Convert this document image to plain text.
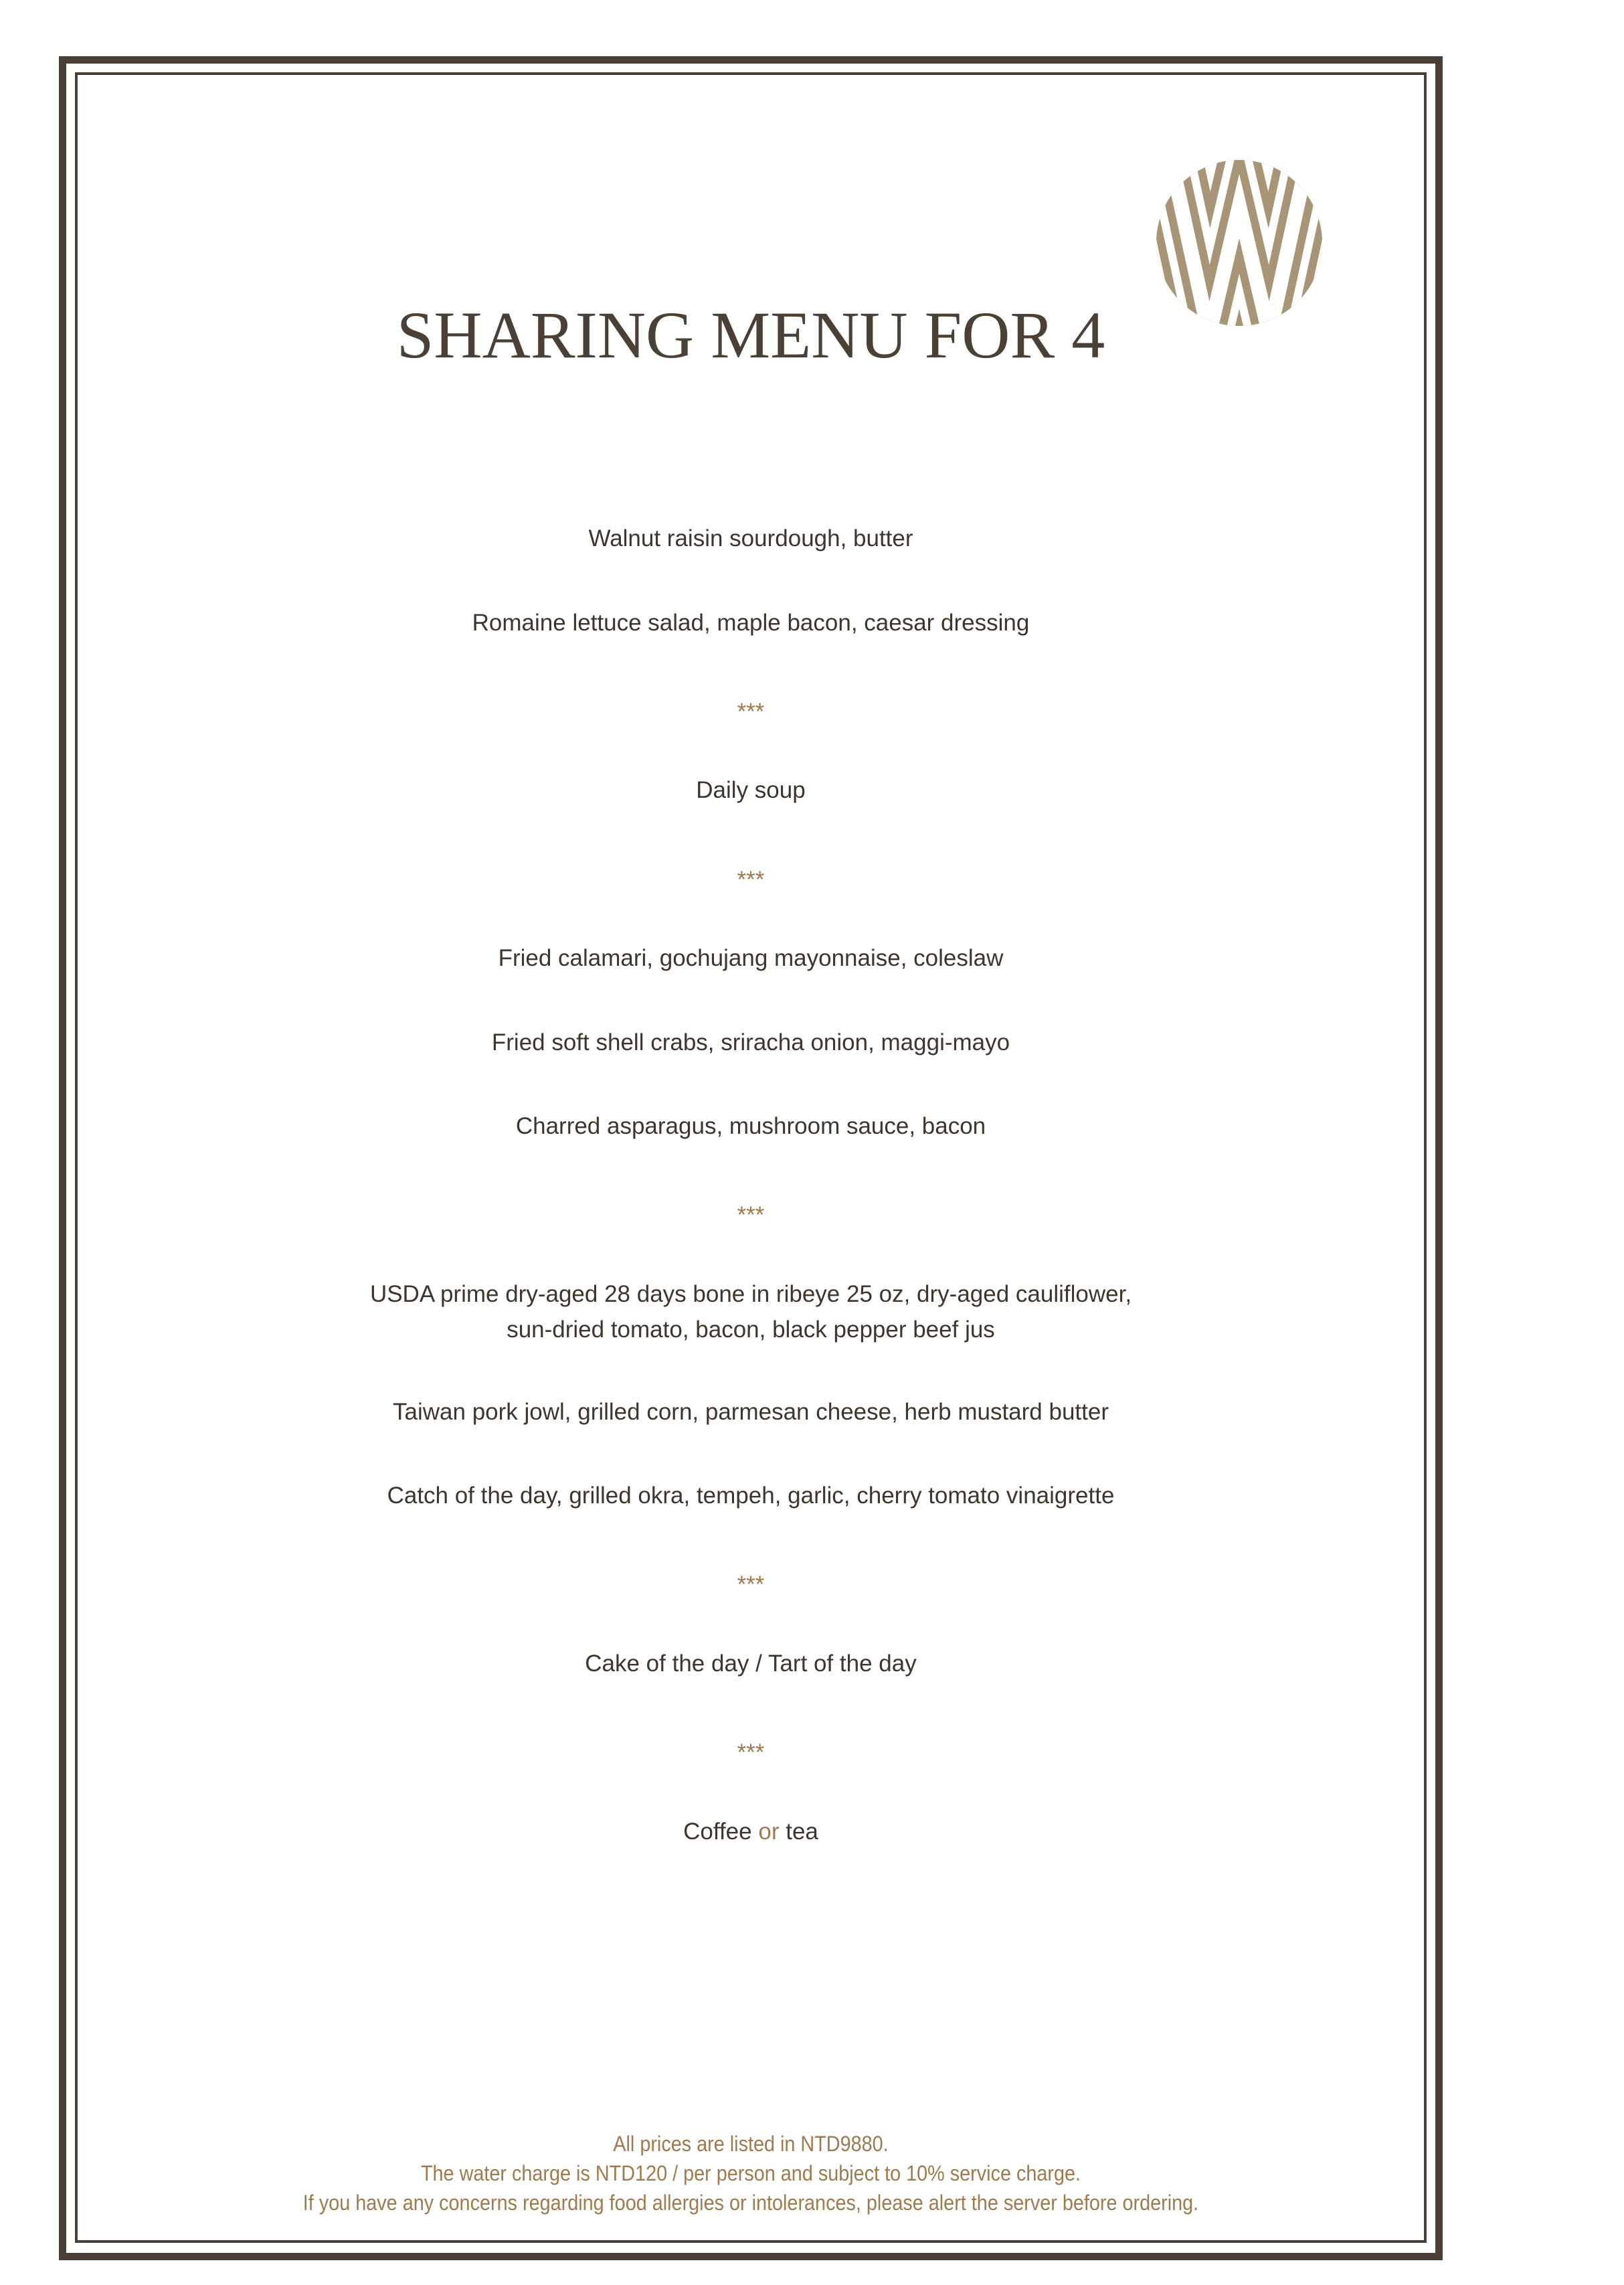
SHARING MENU FOR 4
Walnut raisin sourdough, butter
Romaine lettuce salad, maple bacon, caesar dressing
***
Daily soup
***
Fried calamari, gochujang mayonnaise, coleslaw
Fried soft shell crabs, sriracha onion, maggi-mayo
Charred asparagus, mushroom sauce, bacon
***
USDA prime dry-aged 28 days bone in ribeye 25 oz, dry-aged cauliflower,
sun-dried tomato, bacon, black pepper beef jus
Taiwan pork jowl, grilled corn, parmesan cheese, herb mustard butter
Catch of the day, grilled okra, tempeh, garlic, cherry tomato vinaigrette
***
Cake of the day / Tart of the day
***
Coffee or tea
All prices are listed in NTD9880.
The water charge is NTD120 / per person and subject to 10% service charge.
If you have any concerns regarding food allergies or intolerances, please alert the server before ordering.
